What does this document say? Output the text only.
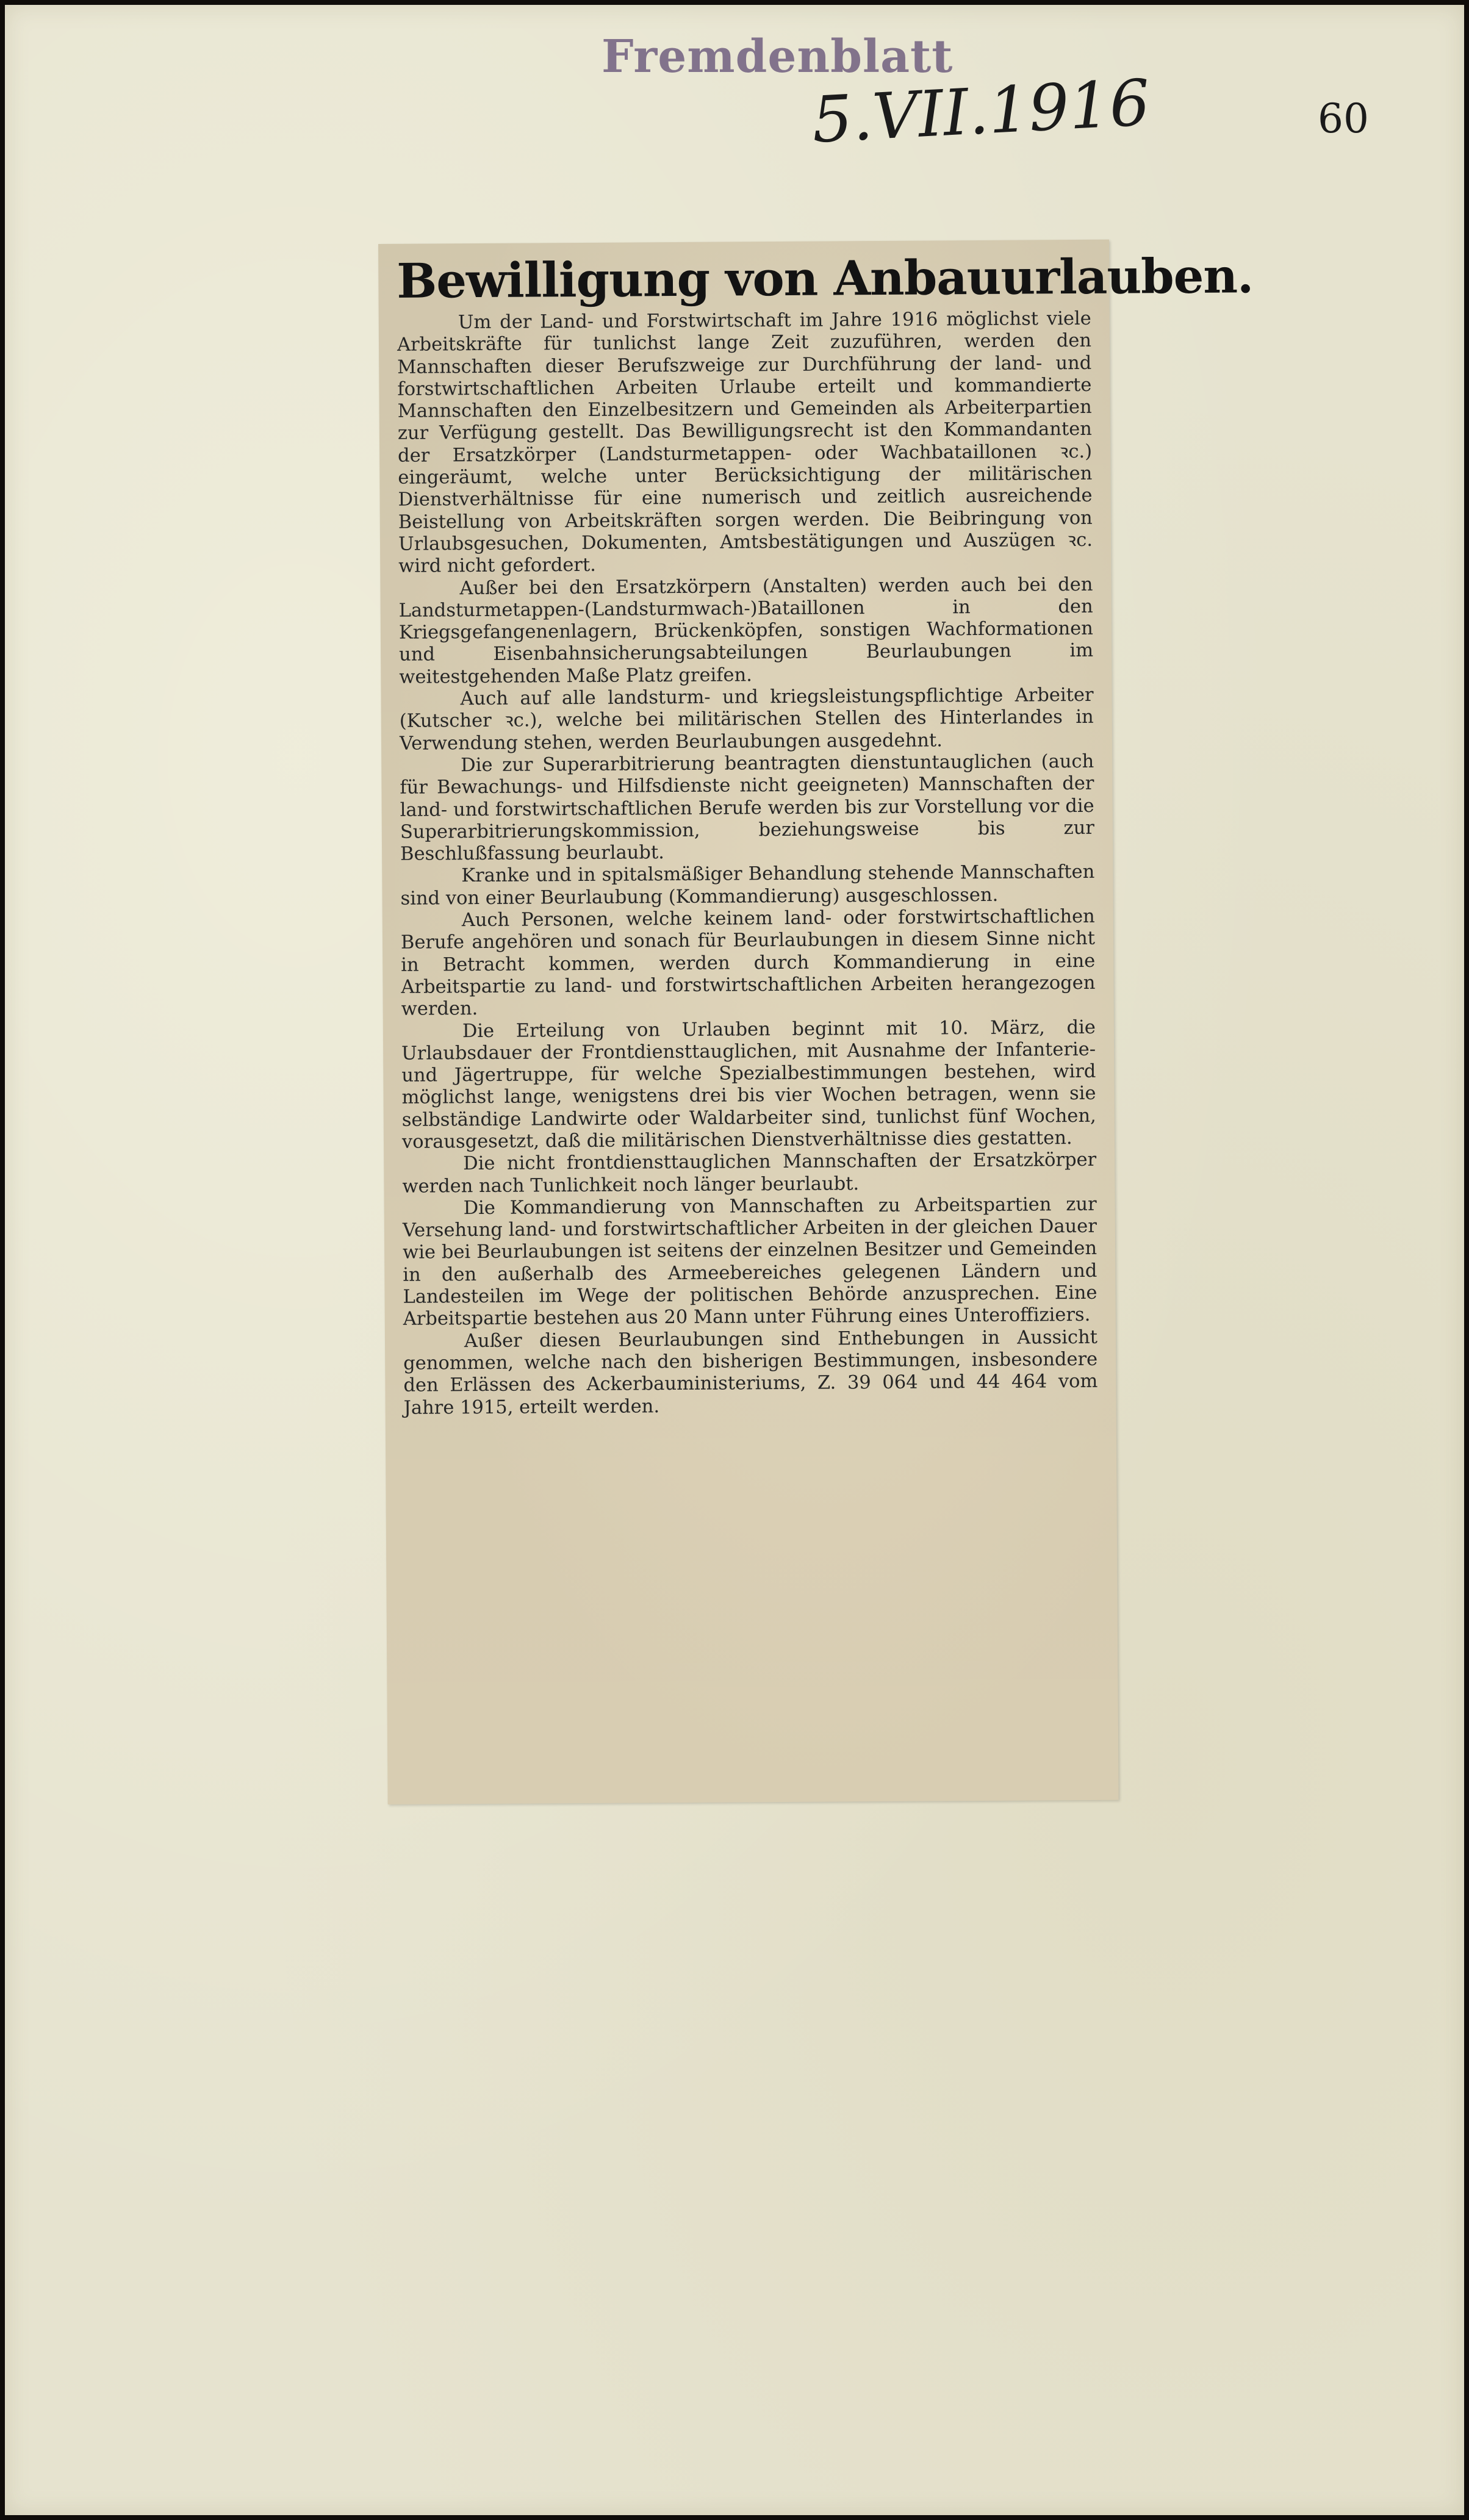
Fremdenblatt
5.VII.1916	60
Bewilligung von Anbauurlauben.

Um der Land- und Forstwirtschaft im Jahre 1916 möglichst viele Arbeitskräfte für tunlichst lange Zeit zuzuführen, werden den Mannschaften dieser Berufszweige zur Durchführung der land- und forstwirtschaftlichen Arbeiten Urlaube erteilt und kommandierte Mannschaften den Einzelbesitzern und Gemeinden als Arbeiterpartien zur Verfügung gestellt. Das Bewilligungsrecht ist den Kommandanten der Ersatzkörper (Landsturmetappen- oder Wachbataillonen ꝛc.) eingeräumt, welche unter Berücksichtigung der militärischen Dienstverhältnisse für eine numerisch und zeitlich ausreichende Beistellung von Arbeitskräften sorgen werden. Die Beibringung von Urlaubsgesuchen, Dokumenten, Amtsbestätigungen und Auszügen ꝛc. wird nicht gefordert.

Außer bei den Ersatzkörpern (Anstalten) werden auch bei den Landsturmetappen-(Landsturmwach-)Bataillonen in den Kriegsgefangenenlagern, Brückenköpfen, sonstigen Wachformationen und Eisenbahnsicherungsabteilungen Beurlaubungen im weitestgehenden Maße Platz greifen.

Auch auf alle landsturm- und kriegsleistungspflichtige Arbeiter (Kutscher ꝛc.), welche bei militärischen Stellen des Hinterlandes in Verwendung stehen, werden Beurlaubungen ausgedehnt.

Die zur Superarbitrierung beantragten dienstuntauglichen (auch für Bewachungs- und Hilfsdienste nicht geeigneten) Mannschaften der land- und forstwirtschaftlichen Berufe werden bis zur Vorstellung vor die Superarbitrierungskommission, beziehungsweise bis zur Beschlußfassung beurlaubt.

Kranke und in spitalsmäßiger Behandlung stehende Mannschaften sind von einer Beurlaubung (Kommandierung) ausgeschlossen.

Auch Personen, welche keinem land- oder forstwirtschaftlichen Berufe angehören und sonach für Beurlaubungen in diesem Sinne nicht in Betracht kommen, werden durch Kommandierung in eine Arbeitspartie zu land- und forstwirtschaftlichen Arbeiten herangezogen werden.

Die Erteilung von Urlauben beginnt mit 10. März, die Urlaubsdauer der Frontdiensttauglichen, mit Ausnahme der Infanterie- und Jägertruppe, für welche Spezialbestimmungen bestehen, wird möglichst lange, wenigstens drei bis vier Wochen betragen, wenn sie selbständige Landwirte oder Waldarbeiter sind, tunlichst fünf Wochen, vorausgesetzt, daß die militärischen Dienstverhältnisse dies gestatten.

Die nicht frontdiensttauglichen Mannschaften der Ersatzkörper werden nach Tunlichkeit noch länger beurlaubt.

Die Kommandierung von Mannschaften zu Arbeitspartien zur Versehung land- und forstwirtschaftlicher Arbeiten in der gleichen Dauer wie bei Beurlaubungen ist seitens der einzelnen Besitzer und Gemeinden in den außerhalb des Armeebereiches gelegenen Ländern und Landesteilen im Wege der politischen Behörde anzusprechen. Eine Arbeitspartie bestehen aus 20 Mann unter Führung eines Unteroffiziers.

Außer diesen Beurlaubungen sind Enthebungen in Aussicht genommen, welche nach den bisherigen Bestimmungen, insbesondere den Erlässen des Ackerbauministeriums, Z. 39 064 und 44 464 vom Jahre 1915, erteilt werden.
